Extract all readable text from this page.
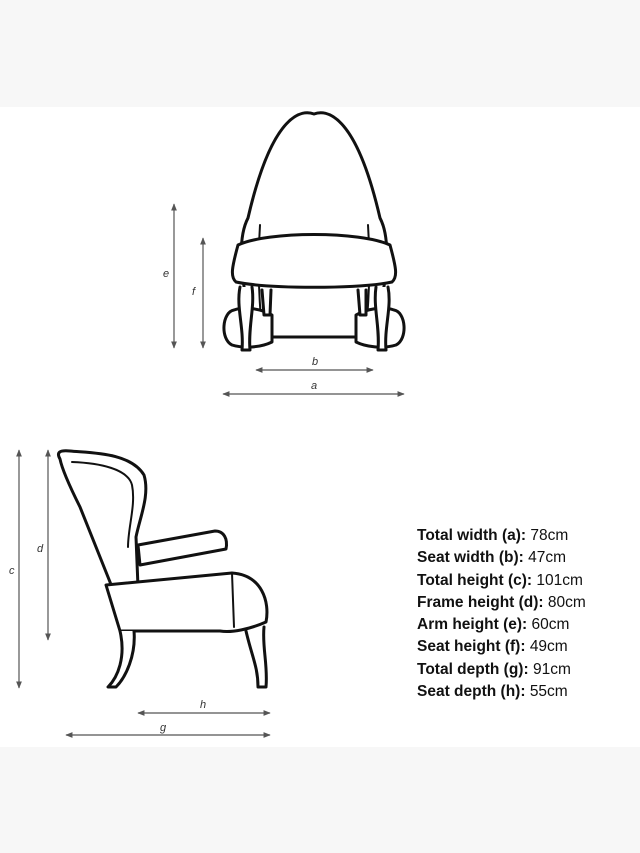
e
f
b
a
c
d
h
g
Total width (a): 78cm
Seat width (b): 47cm
Total height (c): 101cm
Frame height (d): 80cm
Arm height (e): 60cm
Seat height (f): 49cm
Total depth (g): 91cm
Seat depth (h): 55cm
